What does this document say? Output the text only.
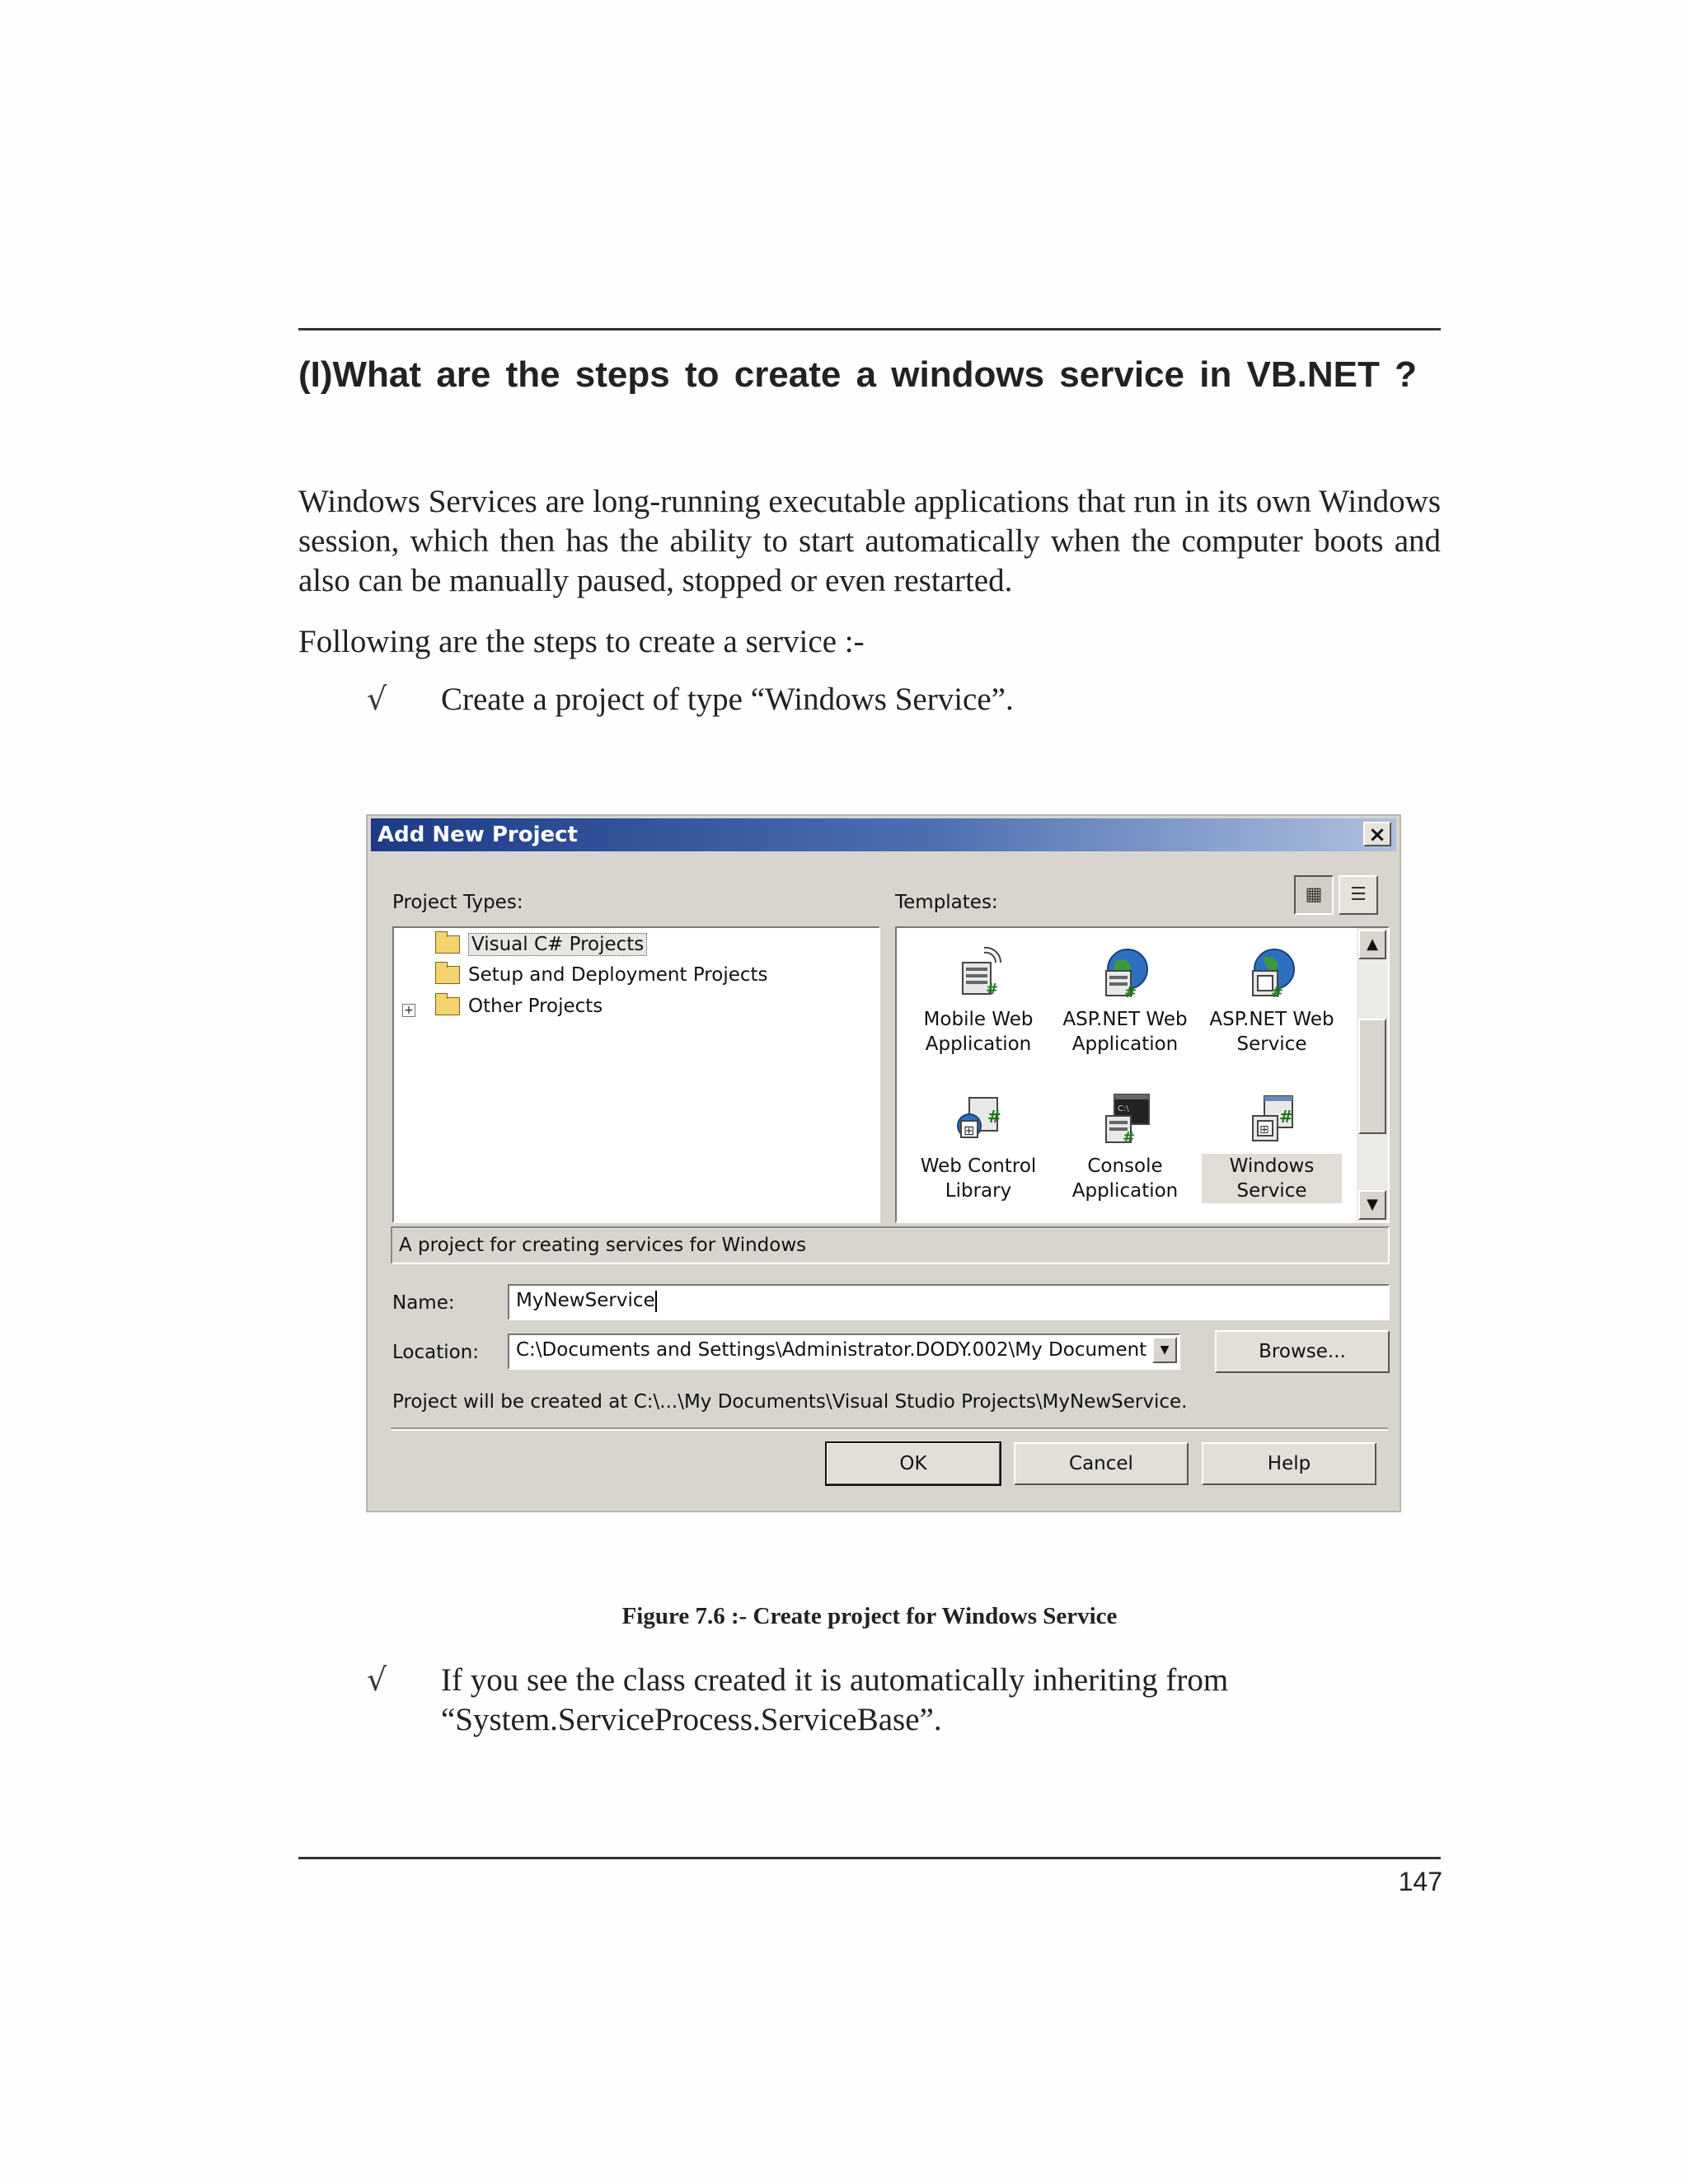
(I)What are the steps to create a windows service in VB.NET ?
Windows Services are long-running executable applications that run in its own Windows session, which then has the ability to start automatically when the computer boots and also can be manually paused, stopped or even restarted.
Following are the steps to create a service :-
√ Create a project of type “Windows Service”.
Add New Project	×
Project Types:	Templates:	▦	☰
Visual C# Projects
Setup and Deployment Projects
+	Other Projects
#
Mobile Web Application
#
ASP.NET Web Application
#
ASP.NET Web Service
#
⊞
Web Control Library
C:\
#
Console Application
#
⊞
Windows Service
▲
▼
A project for creating services for Windows
Name:	MyNewService
Location:	C:\Documents and Settings\Administrator.DODY.002\My Document	▼	Browse...
Project will be created at C:\...\My Documents\Visual Studio Projects\MyNewService.
OK	Cancel	Help
Figure 7.6 :- Create project for Windows Service
√ If you see the class created it is automatically inheriting from “System.ServiceProcess.ServiceBase”.
147
